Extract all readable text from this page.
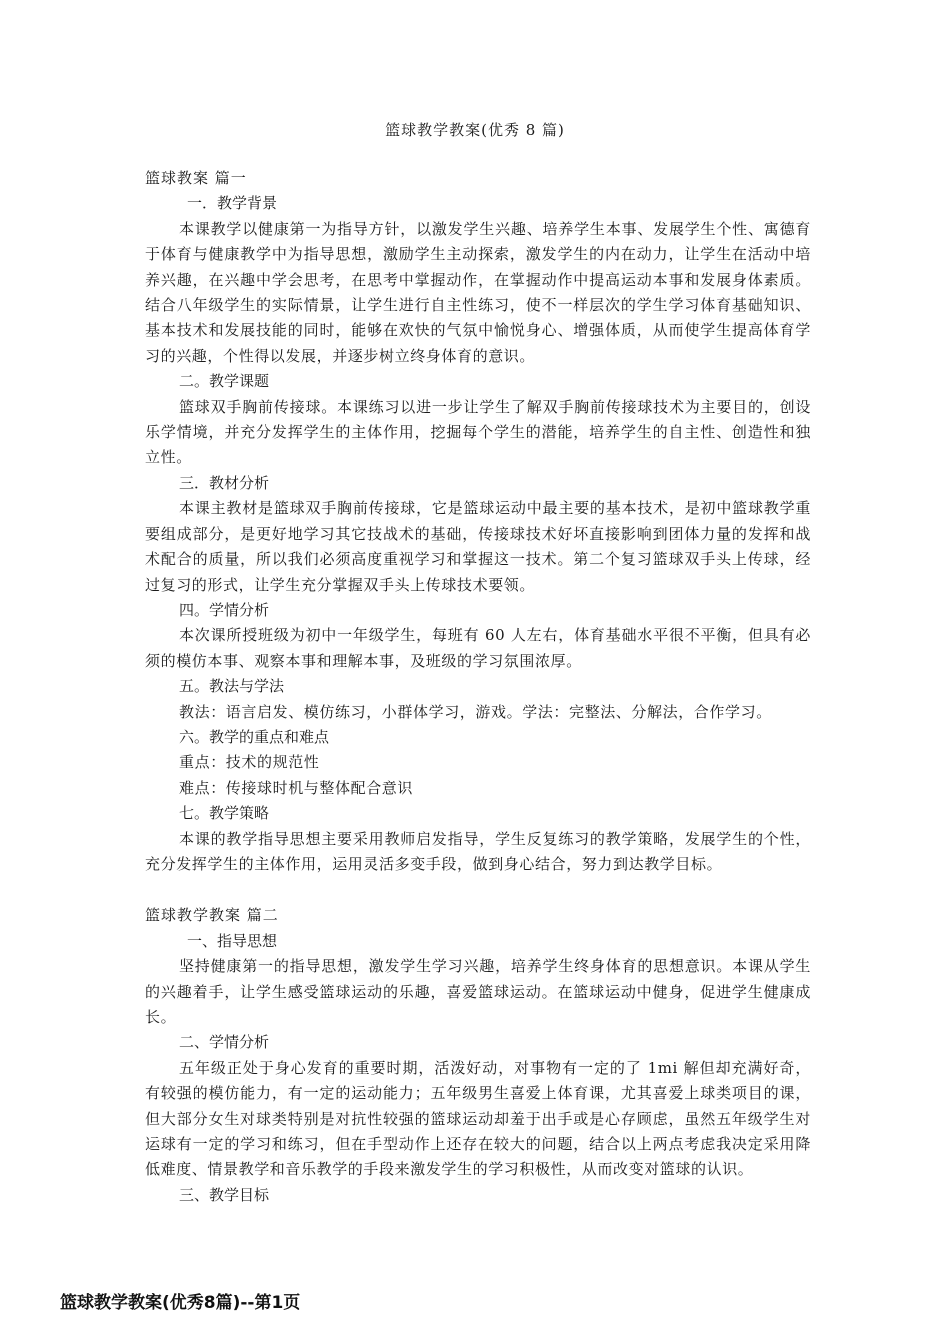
篮球教学教案(优秀 8 篇)

篮球教案 篇一

一．教学背景

本课教学以健康第一为指导方针，以激发学生兴趣、培养学生本事、发展学生个性、寓德育于体育与健康教学中为指导思想，激励学生主动探索，激发学生的内在动力，让学生在活动中培养兴趣，在兴趣中学会思考，在思考中掌握动作，在掌握动作中提高运动本事和发展身体素质。结合八年级学生的实际情景，让学生进行自主性练习，使不一样层次的学生学习体育基础知识、基本技术和发展技能的同时，能够在欢快的气氛中愉悦身心、增强体质，从而使学生提高体育学习的兴趣，个性得以发展，并逐步树立终身体育的意识。

二。教学课题

篮球双手胸前传接球。本课练习以进一步让学生了解双手胸前传接球技术为主要目的，创设乐学情境，并充分发挥学生的主体作用，挖掘每个学生的潜能，培养学生的自主性、创造性和独立性。

三．教材分析

本课主教材是篮球双手胸前传接球，它是篮球运动中最主要的基本技术，是初中篮球教学重要组成部分，是更好地学习其它技战术的基础，传接球技术好坏直接影响到团体力量的发挥和战术配合的质量，所以我们必须高度重视学习和掌握这一技术。第二个复习篮球双手头上传球，经过复习的形式，让学生充分掌握双手头上传球技术要领。

四。学情分析

本次课所授班级为初中一年级学生，每班有 60 人左右，体育基础水平很不平衡，但具有必须的模仿本事、观察本事和理解本事，及班级的学习氛围浓厚。

五。教法与学法

教法：语言启发、模仿练习，小群体学习，游戏。学法：完整法、分解法，合作学习。

六。教学的重点和难点

重点：技术的规范性

难点：传接球时机与整体配合意识

七。教学策略

本课的教学指导思想主要采用教师启发指导，学生反复练习的教学策略，发展学生的个性，充分发挥学生的主体作用，运用灵活多变手段，做到身心结合，努力到达教学目标。

篮球教学教案 篇二

一、指导思想

坚持健康第一的指导思想，激发学生学习兴趣，培养学生终身体育的思想意识。本课从学生的兴趣着手，让学生感受篮球运动的乐趣，喜爱篮球运动。在篮球运动中健身，促进学生健康成长。

二、学情分析

五年级正处于身心发育的重要时期，活泼好动，对事物有一定的了 1mi 解但却充满好奇，有较强的模仿能力，有一定的运动能力；五年级男生喜爱上体育课，尤其喜爱上球类项目的课，但大部分女生对球类特别是对抗性较强的篮球运动却羞于出手或是心存顾虑，虽然五年级学生对运球有一定的学习和练习，但在手型动作上还存在较大的问题，结合以上两点考虑我决定采用降低难度、情景教学和音乐教学的手段来激发学生的学习积极性，从而改变对篮球的认识。

三、教学目标

篮球教学教案(优秀8篇)--第1页
